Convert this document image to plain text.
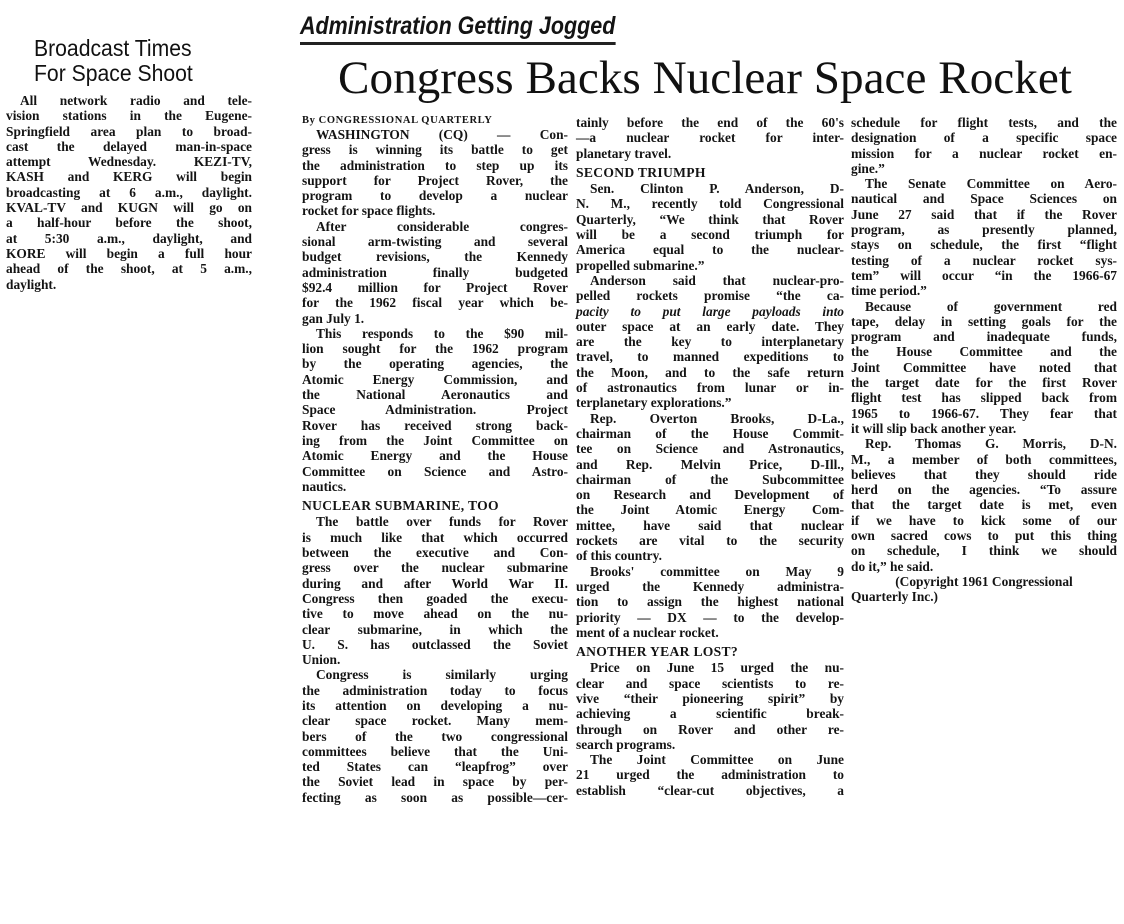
Broadcast Times
For Space Shoot
All network radio and tele-
vision stations in the Eugene-
Springfield area plan to broad-
cast the delayed man-in-space
attempt Wednesday. KEZI-TV,
KASH and KERG will begin
broadcasting at 6 a.m., daylight.
KVAL-TV and KUGN will go on
a half-hour before the shoot,
at 5:30 a.m., daylight, and
KORE will begin a full hour
ahead of the shoot, at 5 a.m.,
daylight.
Administration Getting Jogged
Congress Backs Nuclear Space Rocket
By CONGRESSIONAL QUARTERLY
WASHINGTON (CQ) — Con-
gress is winning its battle to get
the administration to step up its
support for Project Rover, the
program to develop a nuclear
rocket for space flights.
After considerable congres-
sional arm-twisting and several
budget revisions, the Kennedy
administration finally budgeted
$92.4 million for Project Rover
for the 1962 fiscal year which be-
gan July 1.
This responds to the $90 mil-
lion sought for the 1962 program
by the operating agencies, the
Atomic Energy Commission, and
the National Aeronautics and
Space Administration. Project
Rover has received strong back-
ing from the Joint Committee on
Atomic Energy and the House
Committee on Science and Astro-
nautics.
NUCLEAR SUBMARINE, TOO
The battle over funds for Rover
is much like that which occurred
between the executive and Con-
gress over the nuclear submarine
during and after World War II.
Congress then goaded the execu-
tive to move ahead on the nu-
clear submarine, in which the
U. S. has outclassed the Soviet
Union.
Congress is similarly urging
the administration today to focus
its attention on developing a nu-
clear space rocket. Many mem-
bers of the two congressional
committees believe that the Uni-
ted States can “leapfrog” over
the Soviet lead in space by per-
fecting as soon as possible—cer-
tainly before the end of the 60's
—a nuclear rocket for inter-
planetary travel.
SECOND TRIUMPH
Sen. Clinton P. Anderson, D-
N. M., recently told Congressional
Quarterly, “We think that Rover
will be a second triumph for
America equal to the nuclear-
propelled submarine.”
Anderson said that nuclear-pro-
pelled rockets promise “the ca-
pacity to put large payloads into
outer space at an early date. They
are the key to interplanetary
travel, to manned expeditions to
the Moon, and to the safe return
of astronautics from lunar or in-
terplanetary explorations.”
Rep. Overton Brooks, D-La.,
chairman of the House Commit-
tee on Science and Astronautics,
and Rep. Melvin Price, D-Ill.,
chairman of the Subcommittee
on Research and Development of
the Joint Atomic Energy Com-
mittee, have said that nuclear
rockets are vital to the security
of this country.
Brooks' committee on May 9
urged the Kennedy administra-
tion to assign the highest national
priority — DX — to the develop-
ment of a nuclear rocket.
ANOTHER YEAR LOST?
Price on June 15 urged the nu-
clear and space scientists to re-
vive “their pioneering spirit” by
achieving a scientific break-
through on Rover and other re-
search programs.
The Joint Committee on June
21 urged the administration to
establish “clear-cut objectives, a
schedule for flight tests, and the
designation of a specific space
mission for a nuclear rocket en-
gine.”
The Senate Committee on Aero-
nautical and Space Sciences on
June 27 said that if the Rover
program, as presently planned,
stays on schedule, the first “flight
testing of a nuclear rocket sys-
tem” will occur “in the 1966-67
time period.”
Because of government red
tape, delay in setting goals for the
program and inadequate funds,
the House Committee and the
Joint Committee have noted that
the target date for the first Rover
flight test has slipped back from
1965 to 1966-67. They fear that
it will slip back another year.
Rep. Thomas G. Morris, D-N.
M., a member of both committees,
believes that they should ride
herd on the agencies. “To assure
that the target date is met, even
if we have to kick some of our
own sacred cows to put this thing
on schedule, I think we should
do it,” he said.
(Copyright 1961 Congressional
Quarterly Inc.)
